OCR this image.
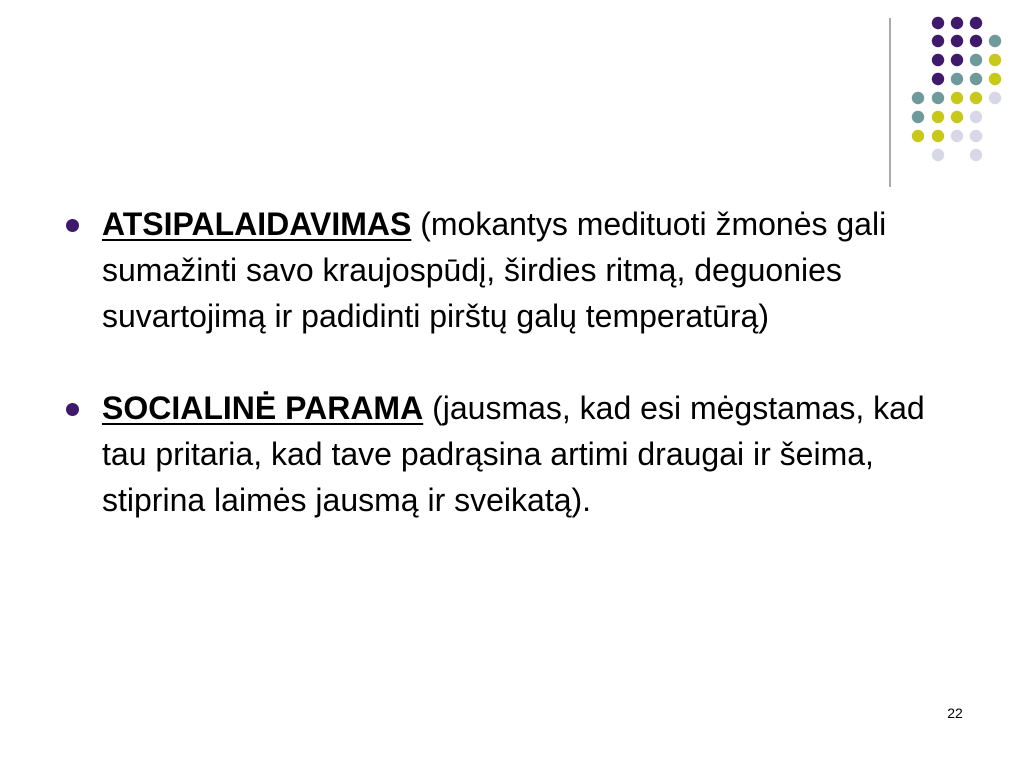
ATSIPALAIDAVIMAS (mokantys medituoti žmonės gali sumažinti savo kraujospūdį, širdies ritmą, deguonies suvartojimą ir padidinti pirštų galų temperatūrą)
SOCIALINĖ PARAMA (jausmas, kad esi mėgstamas, kad tau pritaria, kad tave padrąsina artimi draugai ir šeima, stiprina laimės jausmą ir sveikatą).
22
